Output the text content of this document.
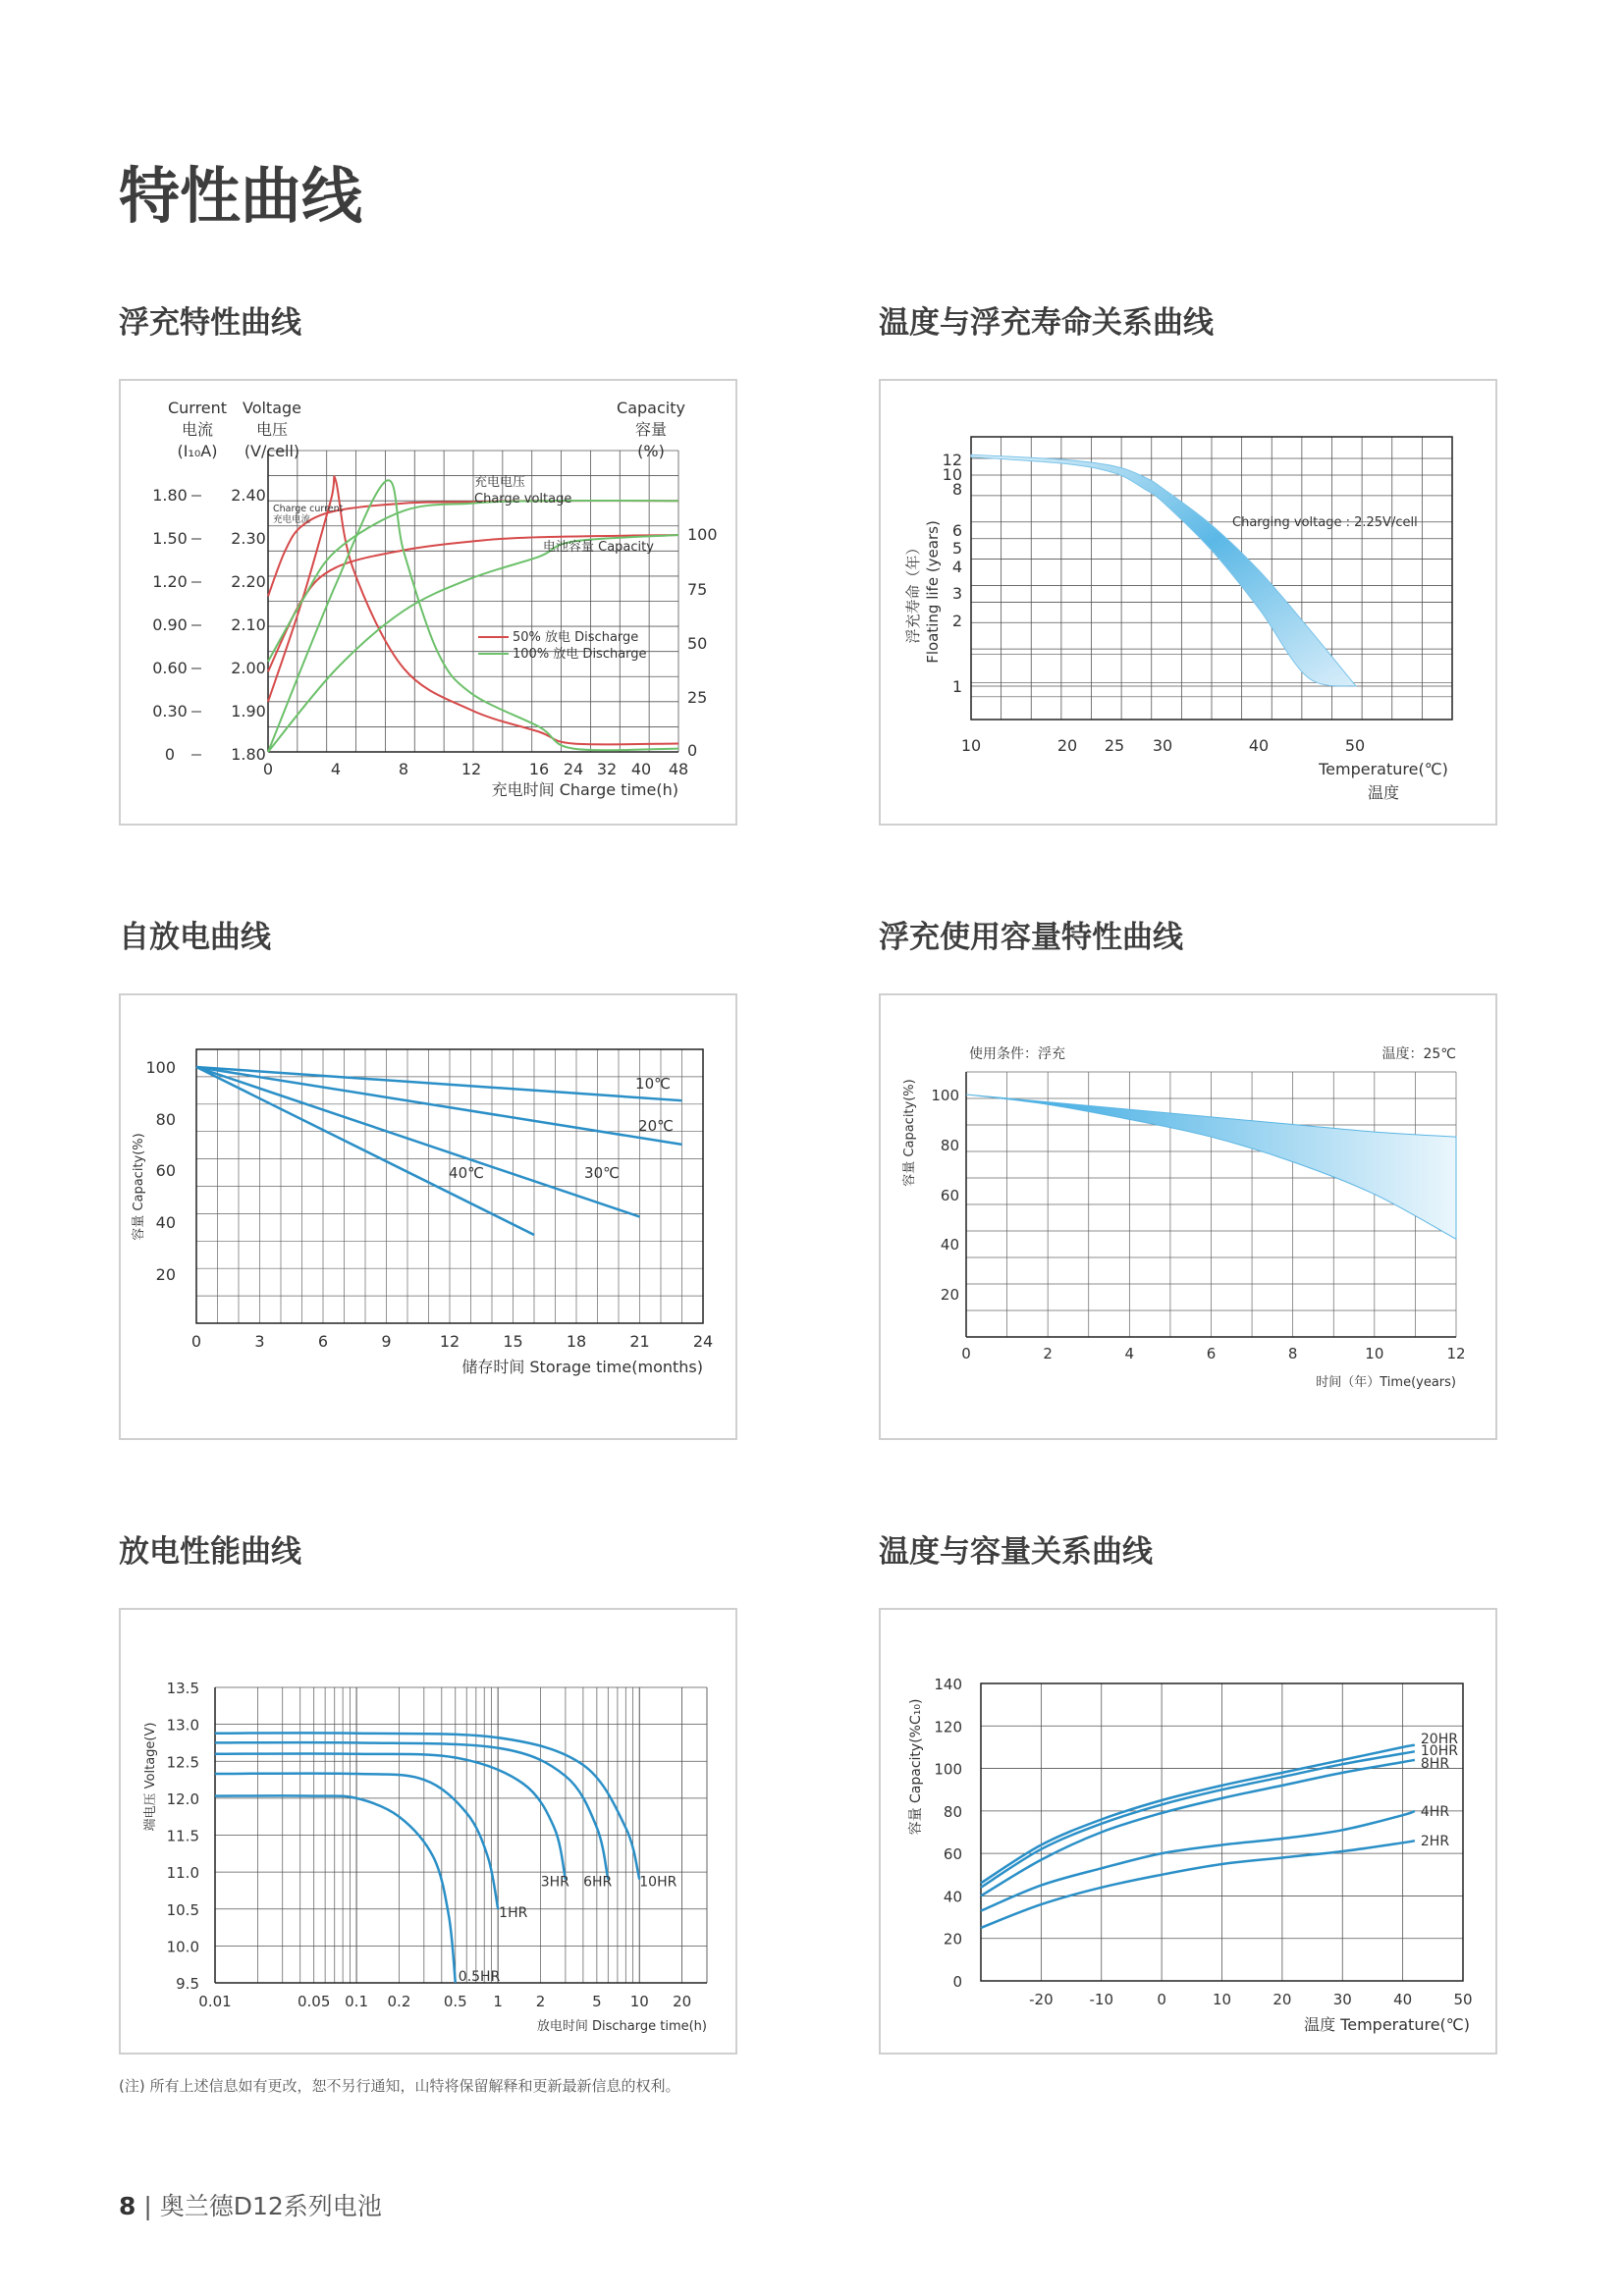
特性曲线
浮充特性曲线	温度与浮充寿命关系曲线
自放电曲线	浮充使用容量特性曲线
放电性能曲线	温度与容量关系曲线
Current
电流
(I₁₀A)
Voltage
电压
(V/cell)
Capacity
容量
(%)
1.80
1.50
1.20
0.90
0.60
0.30
0
2.40
2.30
2.20
2.10
2.00
1.90
1.80
100
75
50
25
0
0	4	8	12	16 24 32 40 48
充电时间 Charge time(h)
充电电压
Charge voltage
Charge current
充电电流
电池容量 Capacity
50% 放电 Discharge
100% 放电 Discharge
12
10
8
6
5
4
3
2
1
10	20 25 30	40	50
Temperature(℃)
温度
浮充寿命（年） Floating life (years)	Charging voltage : 2.25V/cell
100
80
60
40
20
0	3	6	9	12	15	18	21	24
储存时间 Storage time(months)
容量 Capacity(%)
10℃
20℃
30℃
40℃
100
80
60
40
20
0	2	4	6	8	10	12
时间（年）Time(years)
使用条件：浮充	温度：25℃
容量 Capacity(%)
13.5
13.0
12.5
12.0
11.5
11.0
10.5
10.0
9.5
0.01	0.05 0.1 0.2 0.5 1 2	5 10 20
放电时间 Discharge time(h)
端电压 Voltage(V)
0.5HR
1HR
3HR 6HR 10HR
140
120
100
80
60
40
20
0
-20 -10	0	10	20	30	40	50
温度 Temperature(℃)
容量 Capacity(%C₁₀)	20HR
10HR
8HR
4HR
2HR

(注) 所有上述信息如有更改，恕不另行通知，山特将保留解释和更新最新信息的权利。

8 | 奥兰德D12系列电池
